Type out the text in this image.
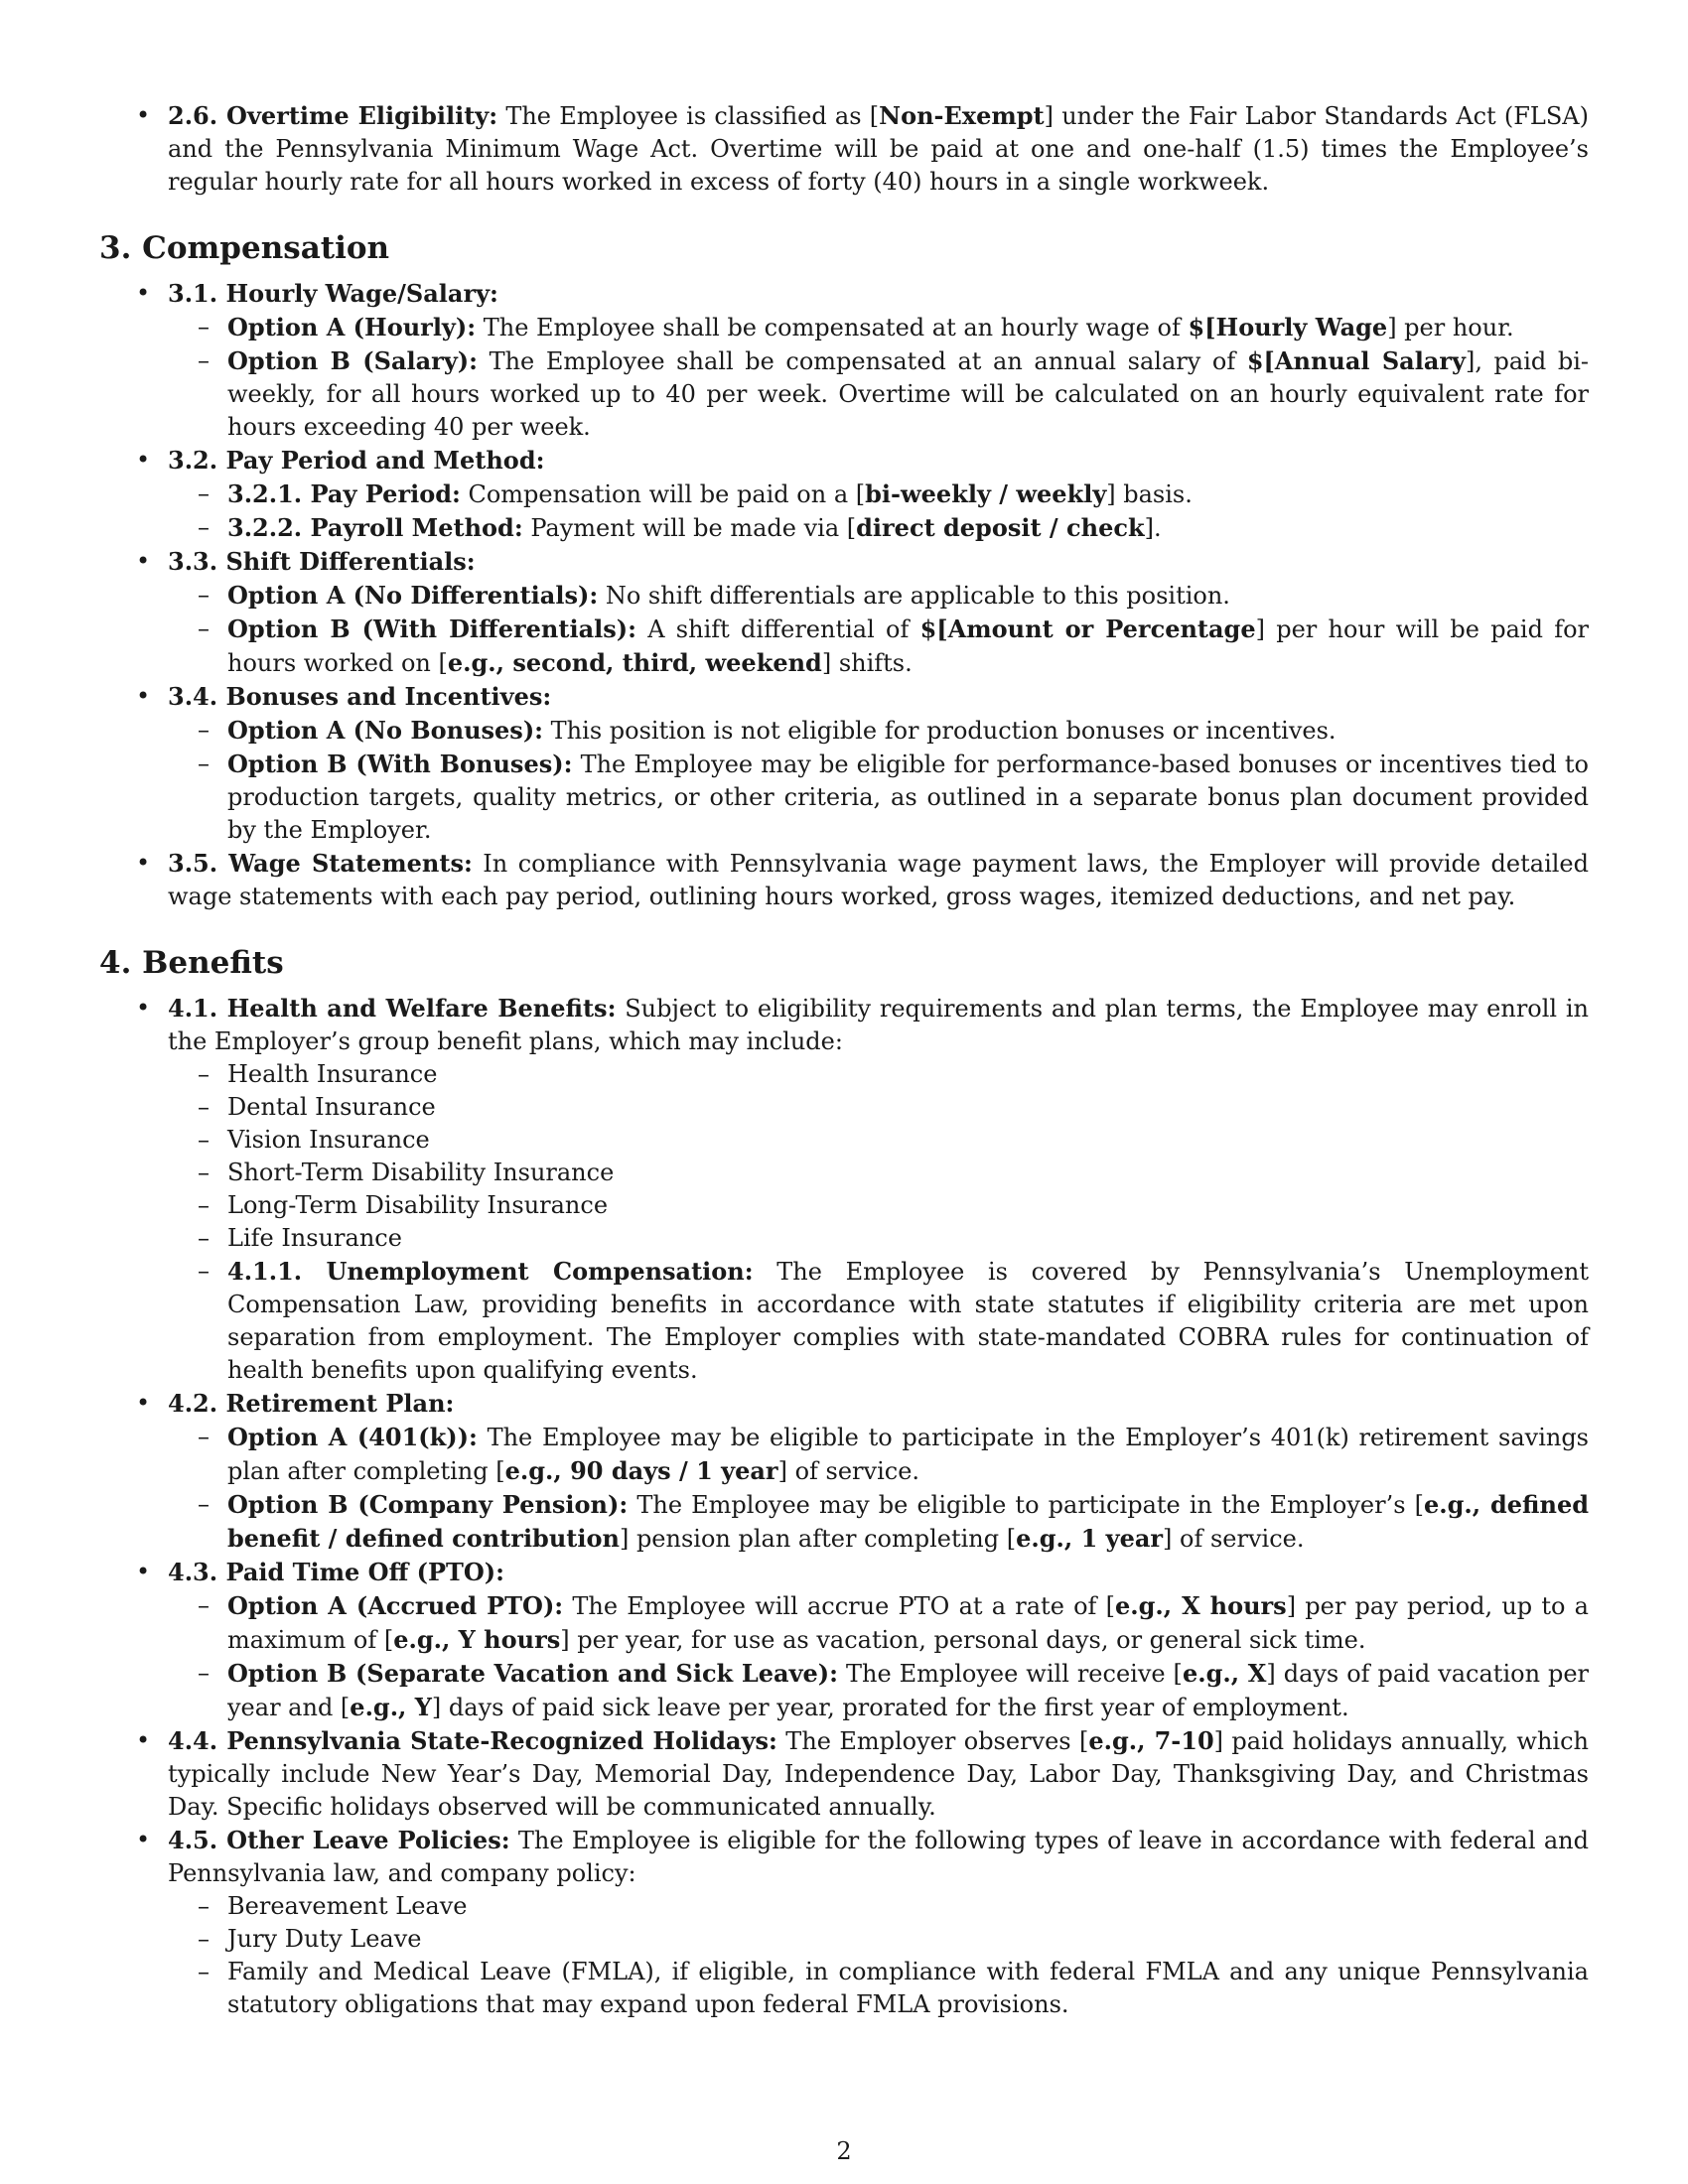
• 2.6. Overtime Eligibility: The Employee is classified as [Non-Exempt] under the Fair Labor Standards Act (FLSA) and the Pennsylvania Minimum Wage Act. Overtime will be paid at one and one-half (1.5) times the Employee’s regular hourly rate for all hours worked in excess of forty (40) hours in a single workweek.
3. Compensation
• 3.1. Hourly Wage/Salary:
– Option A (Hourly): The Employee shall be compensated at an hourly wage of $[Hourly Wage] per hour.
– Option B (Salary): The Employee shall be compensated at an annual salary of $[Annual Salary], paid bi-weekly, for all hours worked up to 40 per week. Overtime will be calculated on an hourly equivalent rate for hours exceeding 40 per week.
• 3.2. Pay Period and Method:
– 3.2.1. Pay Period: Compensation will be paid on a [bi-weekly / weekly] basis.
– 3.2.2. Payroll Method: Payment will be made via [direct deposit / check].
• 3.3. Shift Differentials:
– Option A (No Differentials): No shift differentials are applicable to this position.
– Option B (With Differentials): A shift differential of $[Amount or Percentage] per hour will be paid for hours worked on [e.g., second, third, weekend] shifts.
• 3.4. Bonuses and Incentives:
– Option A (No Bonuses): This position is not eligible for production bonuses or incentives.
– Option B (With Bonuses): The Employee may be eligible for performance-based bonuses or incentives tied to production targets, quality metrics, or other criteria, as outlined in a separate bonus plan document provided by the Employer.
• 3.5. Wage Statements: In compliance with Pennsylvania wage payment laws, the Employer will provide detailed wage statements with each pay period, outlining hours worked, gross wages, itemized deductions, and net pay.
4. Benefits
• 4.1. Health and Welfare Benefits: Subject to eligibility requirements and plan terms, the Employee may enroll in the Employer’s group benefit plans, which may include:
– Health Insurance
– Dental Insurance
– Vision Insurance
– Short-Term Disability Insurance
– Long-Term Disability Insurance
– Life Insurance
– 4.1.1. Unemployment Compensation: The Employee is covered by Pennsylvania’s Unemployment Compensation Law, providing benefits in accordance with state statutes if eligibility criteria are met upon separation from employment. The Employer complies with state-mandated COBRA rules for continuation of health benefits upon qualifying events.
• 4.2. Retirement Plan:
– Option A (401(k)): The Employee may be eligible to participate in the Employer’s 401(k) retirement savings plan after completing [e.g., 90 days / 1 year] of service.
– Option B (Company Pension): The Employee may be eligible to participate in the Employer’s [e.g., defined benefit / defined contribution] pension plan after completing [e.g., 1 year] of service.
• 4.3. Paid Time Off (PTO):
– Option A (Accrued PTO): The Employee will accrue PTO at a rate of [e.g., X hours] per pay period, up to a maximum of [e.g., Y hours] per year, for use as vacation, personal days, or general sick time.
– Option B (Separate Vacation and Sick Leave): The Employee will receive [e.g., X] days of paid vacation per year and [e.g., Y] days of paid sick leave per year, prorated for the first year of employment.
• 4.4. Pennsylvania State-Recognized Holidays: The Employer observes [e.g., 7-10] paid holidays annually, which typically include New Year’s Day, Memorial Day, Independence Day, Labor Day, Thanksgiving Day, and Christmas Day. Specific holidays observed will be communicated annually.
• 4.5. Other Leave Policies: The Employee is eligible for the following types of leave in accordance with federal and Pennsylvania law, and company policy:
– Bereavement Leave
– Jury Duty Leave
– Family and Medical Leave (FMLA), if eligible, in compliance with federal FMLA and any unique Pennsylvania statutory obligations that may expand upon federal FMLA provisions.
2
